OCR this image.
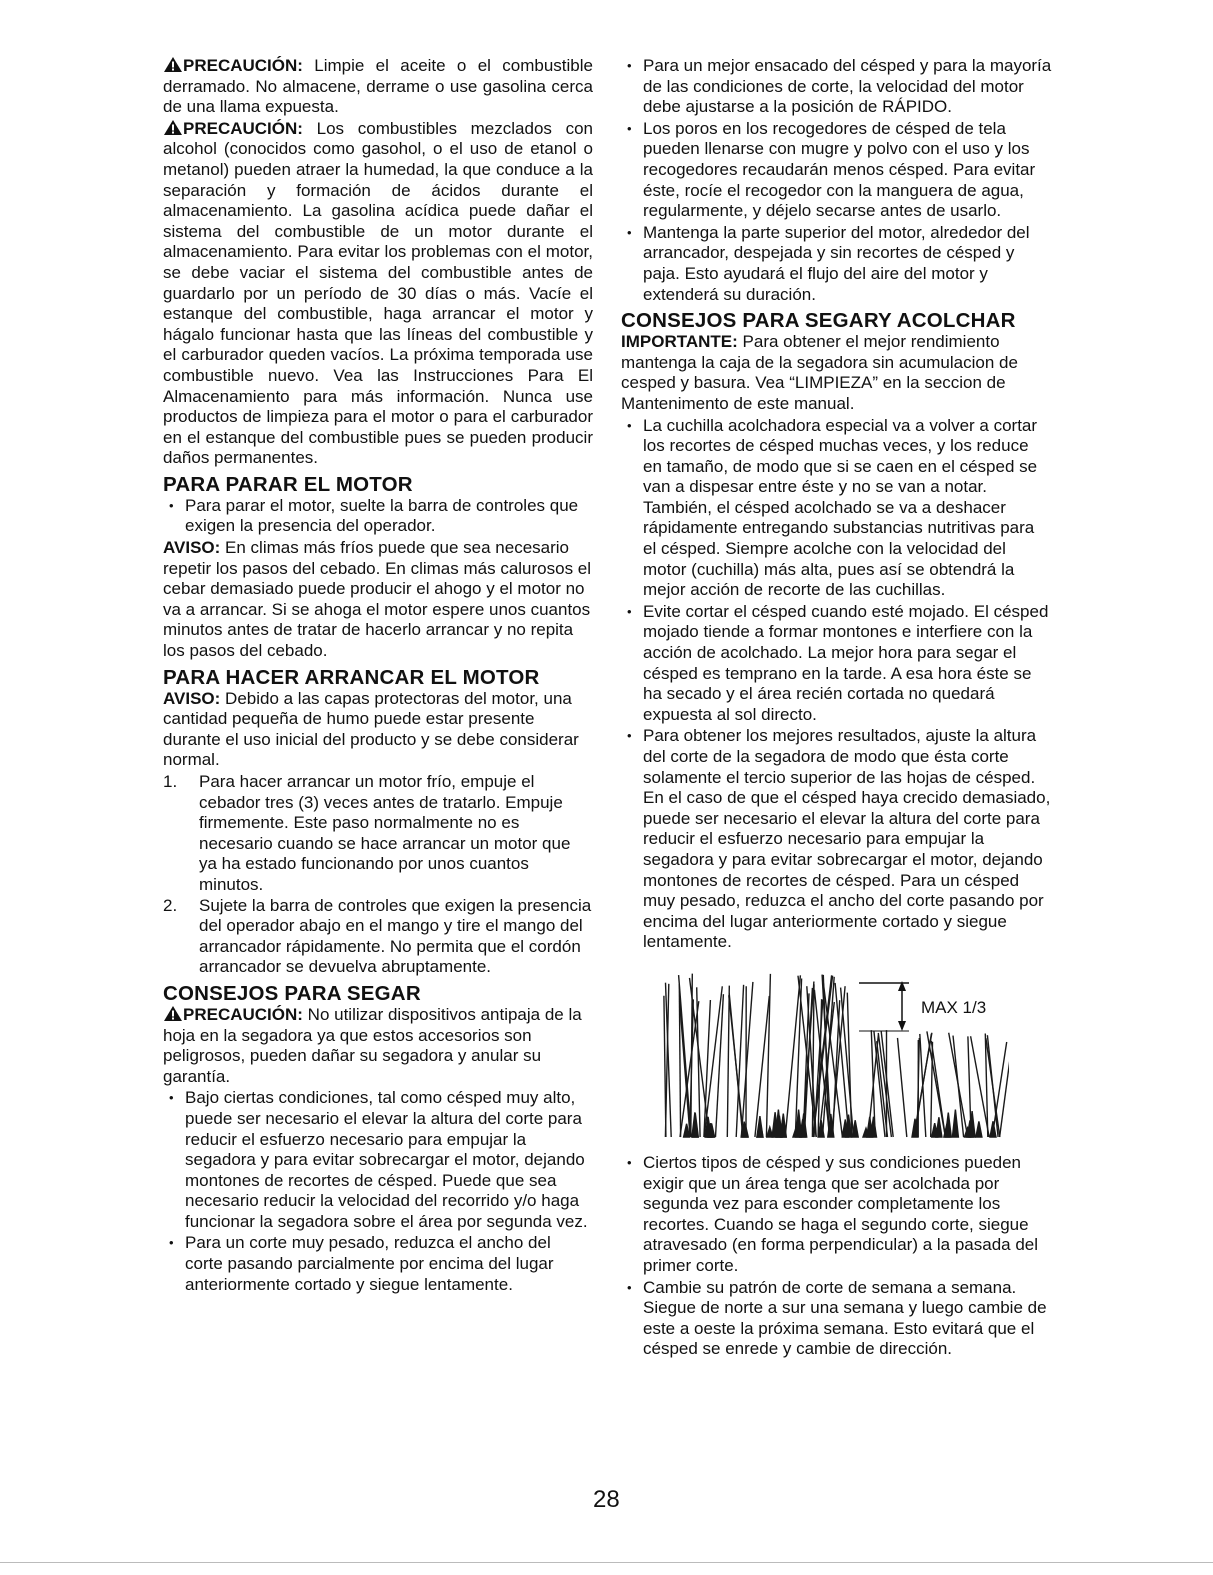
PRECAUCIÓN: Limpie el aceite o el combustible derramado. No almacene, derrame o use gasolina cerca de una llama expuesta.

PRECAUCIÓN: Los combustibles mezclados con alcohol (conocidos como gasohol, o el uso de etanol o metanol) pueden atraer la humedad, la que conduce a la separación y formación de ácidos durante el almacenamiento. La gasolina acídica puede dañar el sistema del combustible de un motor durante el almacenamiento. Para evitar los problemas con el motor, se debe vaciar el sistema del combustible antes de guardarlo por un período de 30 días o más. Vacíe el estanque del combustible, haga arrancar el motor y hágalo funcionar hasta que las líneas del combustible y el carburador queden vacíos. La próxima temporada use combustible nuevo. Vea las Instrucciones Para El Almacenamiento para más información. Nunca use productos de limpieza para el motor o para el carburador en el estanque del combustible pues se pueden producir daños permanentes.

PARA PARAR EL MOTOR
• Para parar el motor, suelte la barra de controles que exigen la presencia del operador.

AVISO: En climas más fríos puede que sea necesario repetir los pasos del cebado. En climas más calurosos el cebar demasiado puede producir el ahogo y el motor no va a arrancar. Si se ahoga el motor espere unos cuantos minutos antes de tratar de hacerlo arrancar y no repita los pasos del cebado.

PARA HACER ARRANCAR EL MOTOR

AVISO: Debido a las capas protectoras del motor, una cantidad pequeña de humo puede estar presente durante el uso inicial del producto y se debe considerar normal.

1. Para hacer arrancar un motor frío, empuje el cebador tres (3) veces antes de tratarlo. Empuje firmemente. Este paso normalmente no es necesario cuando se hace arrancar un motor que ya ha estado funcionando por unos cuantos minutos.
2. Sujete la barra de controles que exigen la presencia del operador abajo en el mango y tire el mango del arrancador rápidamente. No permita que el cordón arrancador se devuelva abruptamente.
CONSEJOS PARA SEGAR

PRECAUCIÓN: No utilizar dispositivos antipaja de la hoja en la segadora ya que estos accesorios son peligrosos, pueden dañar su segadora y anular su garantía.

• Bajo ciertas condiciones, tal como césped muy alto, puede ser necesario el elevar la altura del corte para reducir el esfuerzo necesario para empujar la segadora y para evitar sobrecargar el motor, dejando montones de recortes de césped. Puede que sea necesario reducir la velocidad del recorrido y/o haga funcionar la segadora sobre el área por segunda vez.
• Para un corte muy pesado, reduzca el ancho del corte pasando parcialmente por encima del lugar anteriormente cortado y siegue lentamente.
• Para un mejor ensacado del césped y para la mayoría de las condiciones de corte, la velocidad del motor debe ajustarse a la posición de RÁPIDO.
• Los poros en los recogedores de césped de tela pueden llenarse con mugre y polvo con el uso y los recogedores recaudarán menos césped. Para evitar éste, rocíe el recogedor con la manguera de agua, regularmente, y déjelo secarse antes de usarlo.
• Mantenga la parte superior del motor, alrededor del arrancador, despejada y sin recortes de césped y paja. Esto ayudará el flujo del aire del motor y extenderá su duración.
CONSEJOS PARA SEGARY ACOLCHAR

IMPORTANTE: Para obtener el mejor rendimiento mantenga la caja de la segadora sin acumulacion de cesped y basura. Vea “LIMPIEZA” en la seccion de Mantenimento de este manual.

• La cuchilla acolchadora especial va a volver a cortar los recortes de césped muchas veces, y los reduce en tamaño, de modo que si se caen en el césped se van a dispesar entre éste y no se van a notar. También, el césped acolchado se va a deshacer rápidamente entregando substancias nutritivas para el césped. Siempre acolche con la velocidad del motor (cuchilla) más alta, pues así se obtendrá la mejor acción de recorte de las cuchillas.
• Evite cortar el césped cuando esté mojado. El césped mojado tiende a formar montones e interfiere con la acción de acolchado. La mejor hora para segar el césped es temprano en la tarde. A esa hora éste se ha secado y el área recién cortada no quedará expuesta al sol directo.
• Para obtener los mejores resultados, ajuste la altura del corte de la segadora de modo que ésta corte solamente el tercio superior de las hojas de césped. En el caso de que el césped haya crecido demasiado, puede ser necesario el elevar la altura del corte para reducir el esfuerzo necesario para empujar la segadora y para evitar sobrecargar el motor, dejando montones de recortes de césped. Para un césped muy pesado, reduzca el ancho del corte pasando por encima del lugar anteriormente cortado y siegue lentamente.
MAX 1/3
• Ciertos tipos de césped y sus condiciones pueden exigir que un área tenga que ser acolchada por segunda vez para esconder completamente los recortes. Cuando se haga el segundo corte, siegue atravesado (en forma perpendicular) a la pasada del primer corte.
• Cambie su patrón de corte de semana a semana. Siegue de norte a sur una semana y luego cambie de este a oeste la próxima semana. Esto evitará que el césped se enrede y cambie de dirección.
28
